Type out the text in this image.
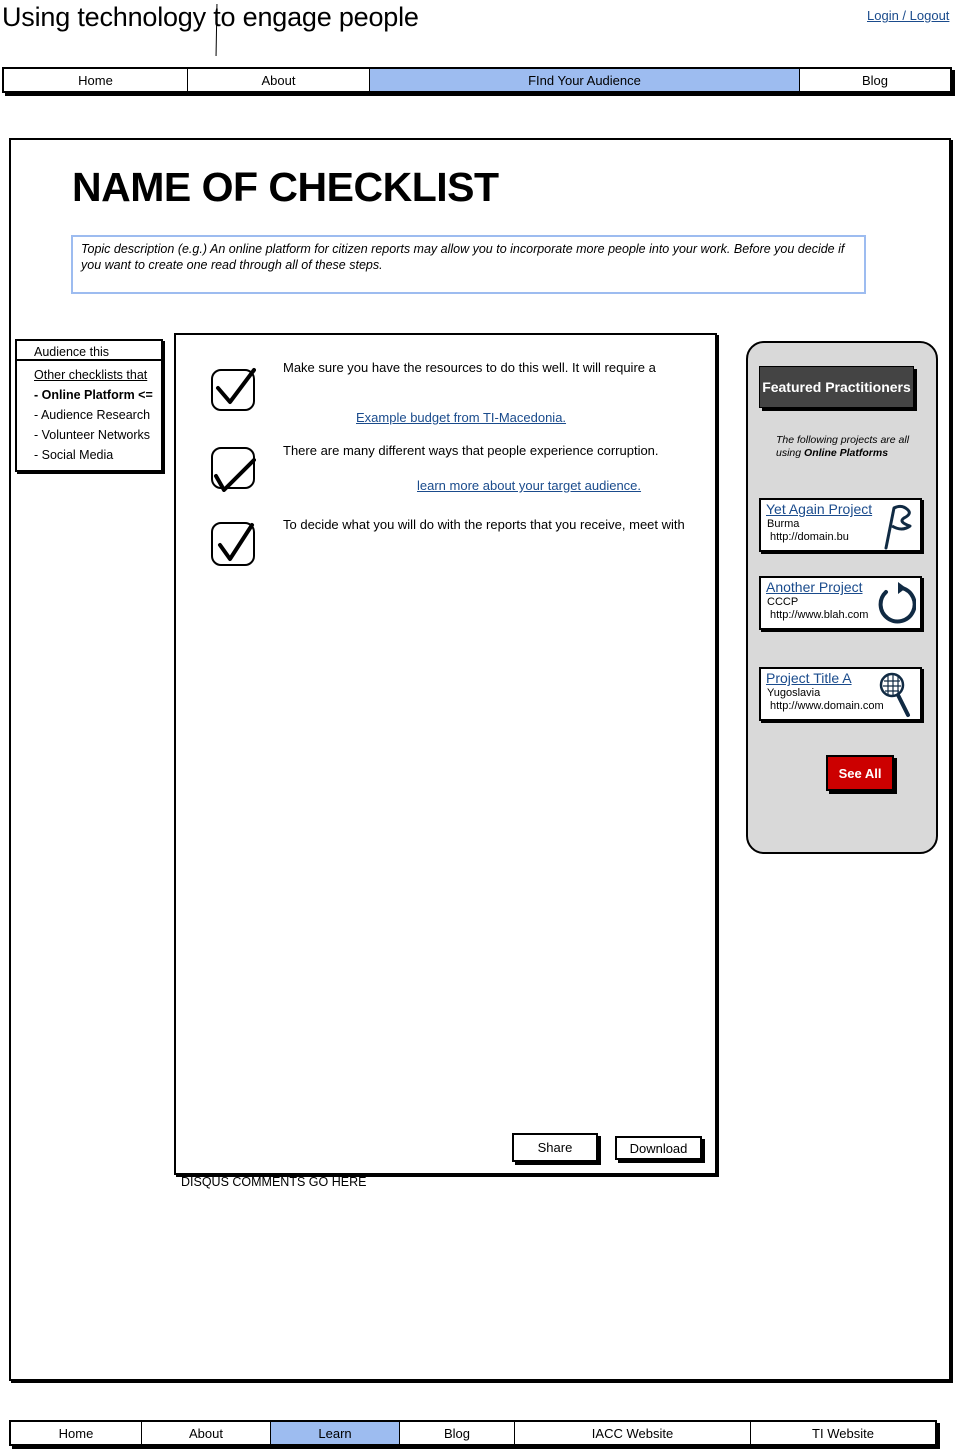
Using technology to engage people	Login / Logout
Home	About	FInd Your Audience	Blog
NAME OF CHECKLIST
Topic description (e.g.) An online platform for citizen reports may allow you to incorporate more people into your work. Before you decide if you want to create one read through all of these steps.
Audience this
Other checklists that
- Online Platform <=
- Audience Research
- Volunteer Networks
- Social Media
Make sure you have the resources to do this well. It will require a
Example budget from TI-Macedonia.
There are many different ways that people experience corruption.
learn more about your target audience.
To decide what you will do with the reports that you receive, meet with
Share	Download
DISQUS COMMENTS GO HERE
Featured Practitioners
The following projects are all using Online Platforms
Yet Again Project
Burma
http://domain.bu
Another Project
CCCP
http://www.blah.com
Project Title A
Yugoslavia
http://www.domain.com
See All
Home	About	Learn	Blog	IACC Website	TI Website
